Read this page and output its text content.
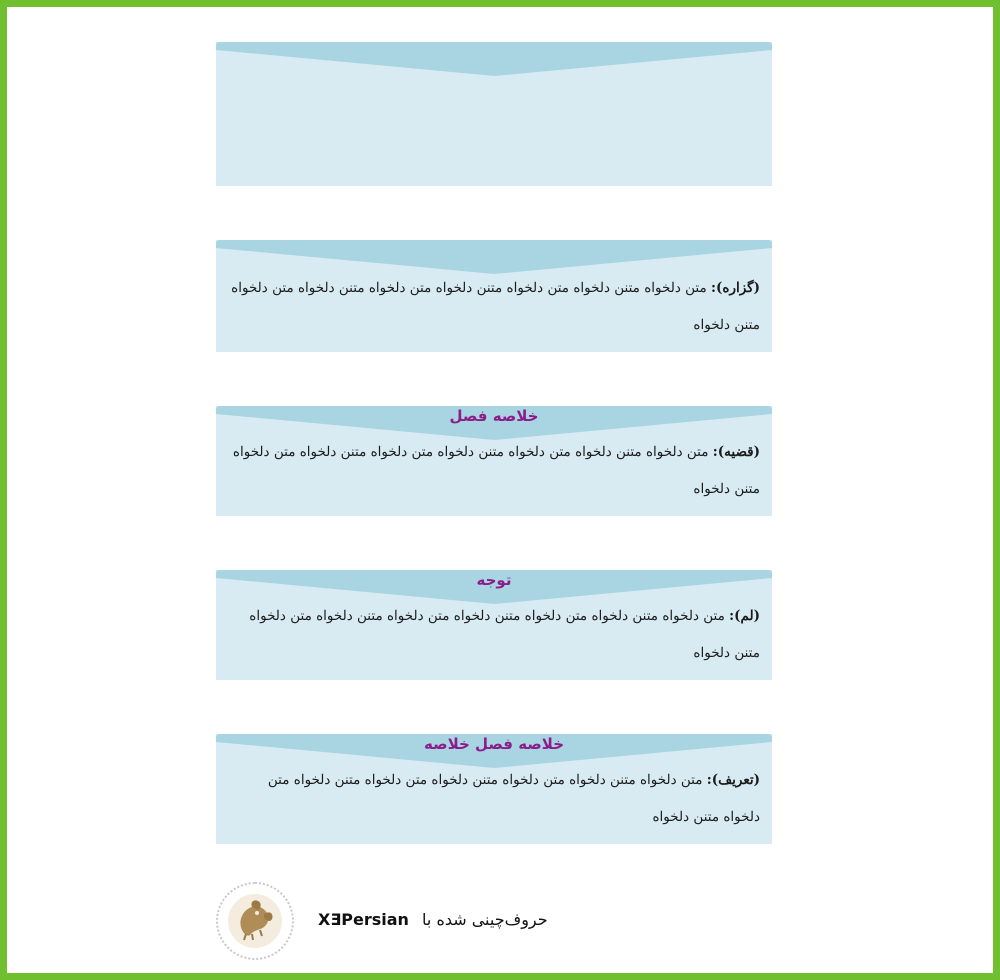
(گزاره): متن دلخواه متنن دلخواه متن دلخواه متنن دلخواه متن دلخواه متنن دلخواه متن دلخواه متنن دلخواه
خلاصه فصل
(قضیه): متن دلخواه متنن دلخواه متن دلخواه متنن دلخواه متن دلخواه متنن دلخواه متن دلخواه متنن دلخواه
توجه
(لم): متن دلخواه متنن دلخواه متن دلخواه متنن دلخواه متن دلخواه متنن دلخواه متن دلخواه متنن دلخواه
خلاصه فصل خلاصه
(تعریف): متن دلخواه متنن دلخواه متن دلخواه متنن دلخواه متن دلخواه متنن دلخواه متن دلخواه متنن دلخواه
XƎPersian حروف‌چینی شده با
